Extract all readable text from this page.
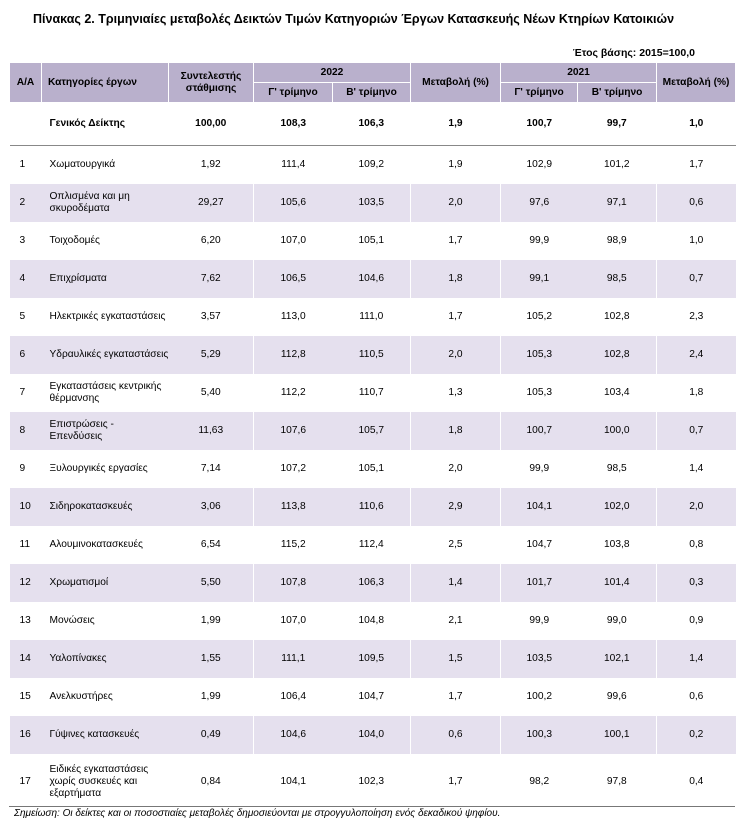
Πίνακας 2. Τριμηνιαίες μεταβολές Δεικτών Τιμών Κατηγοριών Έργων Κατασκευής Νέων Κτηρίων Κατοικιών
Έτος βάσης: 2015=100,0
Α/Α	Κατηγορίες έργων	Συντελεστής στάθμισης	2022		Μεταβολή (%)	2021		Μεταβολή (%)
			Γ' τρίμηνο	Β' τρίμηνο		Γ' τρίμηνο	Β' τρίμηνο	
	Γενικός Δείκτης	100,00	108,3	106,3	1,9	100,7	99,7	1,0
1	Χωματουργικά	1,92	111,4	109,2	1,9	102,9	101,2	1,7
2	Οπλισμένα και μη σκυροδέματα	29,27	105,6	103,5	2,0	97,6	97,1	0,6
3	Τοιχοδομές	6,20	107,0	105,1	1,7	99,9	98,9	1,0
4	Επιχρίσματα	7,62	106,5	104,6	1,8	99,1	98,5	0,7
5	Ηλεκτρικές εγκαταστάσεις	3,57	113,0	111,0	1,7	105,2	102,8	2,3
6	Υδραυλικές εγκαταστάσεις	5,29	112,8	110,5	2,0	105,3	102,8	2,4
7	Εγκαταστάσεις κεντρικής θέρμανσης	5,40	112,2	110,7	1,3	105,3	103,4	1,8
8	Επιστρώσεις - Επενδύσεις	11,63	107,6	105,7	1,8	100,7	100,0	0,7
9	Ξυλουργικές εργασίες	7,14	107,2	105,1	2,0	99,9	98,5	1,4
10	Σιδηροκατασκευές	3,06	113,8	110,6	2,9	104,1	102,0	2,0
11	Αλουμινοκατασκευές	6,54	115,2	112,4	2,5	104,7	103,8	0,8
12	Χρωματισμοί	5,50	107,8	106,3	1,4	101,7	101,4	0,3
13	Μονώσεις	1,99	107,0	104,8	2,1	99,9	99,0	0,9
14	Υαλοπίνακες	1,55	111,1	109,5	1,5	103,5	102,1	1,4
15	Ανελκυστήρες	1,99	106,4	104,7	1,7	100,2	99,6	0,6
16	Γύψινες κατασκευές	0,49	104,6	104,0	0,6	100,3	100,1	0,2
17	Ειδικές εγκαταστάσεις χωρίς συσκευές και εξαρτήματα	0,84	104,1	102,3	1,7	98,2	97,8	0,4
Σημείωση: Οι δείκτες και οι ποσοστιαίες μεταβολές δημοσιεύονται με στρογγυλοποίηση ενός δεκαδικού ψηφίου.
